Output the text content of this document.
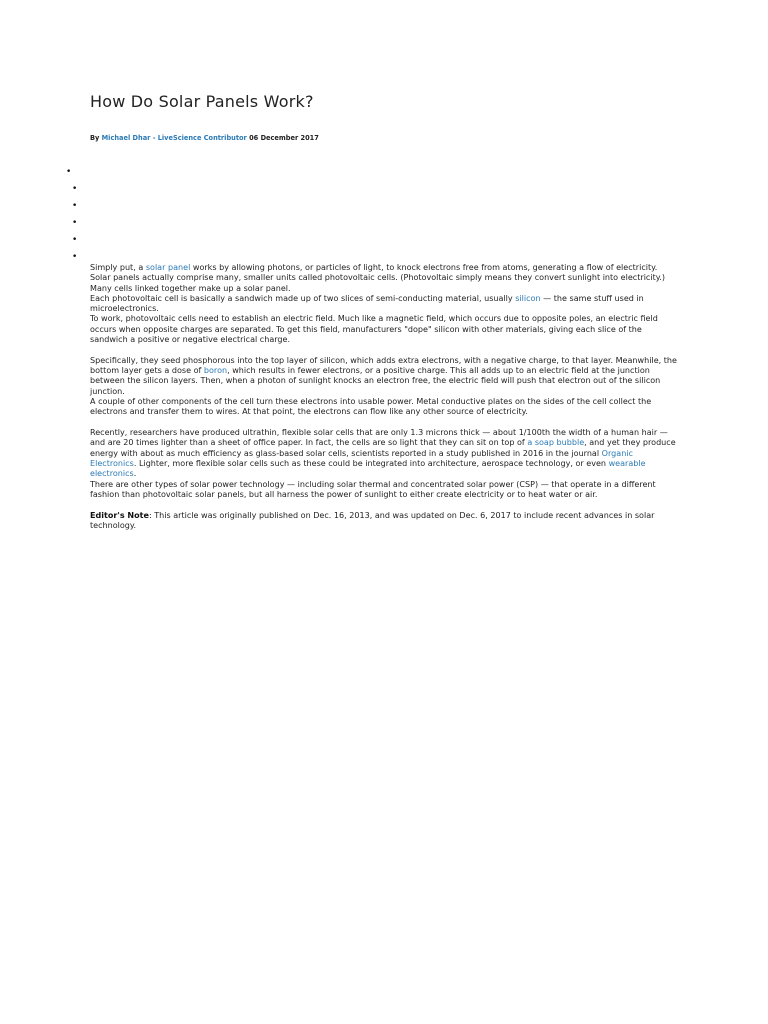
How Do Solar Panels Work?
By Michael Dhar - LiveScience Contributor 06 December 2017
•
•
•
•
•
•

Simply put, a solar panel works by allowing photons, or particles of light, to knock electrons free from atoms, generating a flow of electricity. Solar panels actually comprise many, smaller units called photovoltaic cells. (Photovoltaic simply means they convert sunlight into electricity.) Many cells linked together make up a solar panel.

Each photovoltaic cell is basically a sandwich made up of two slices of semi-conducting material, usually silicon — the same stuff used in microelectronics.

To work, photovoltaic cells need to establish an electric field. Much like a magnetic field, which occurs due to opposite poles, an electric field occurs when opposite charges are separated. To get this field, manufacturers "dope" silicon with other materials, giving each slice of the sandwich a positive or negative electrical charge.

Specifically, they seed phosphorous into the top layer of silicon, which adds extra electrons, with a negative charge, to that layer. Meanwhile, the bottom layer gets a dose of boron, which results in fewer electrons, or a positive charge. This all adds up to an electric field at the junction between the silicon layers. Then, when a photon of sunlight knocks an electron free, the electric field will push that electron out of the silicon junction.

A couple of other components of the cell turn these electrons into usable power. Metal conductive plates on the sides of the cell collect the electrons and transfer them to wires. At that point, the electrons can flow like any other source of electricity.

Recently, researchers have produced ultrathin, flexible solar cells that are only 1.3 microns thick — about 1/100th the width of a human hair — and are 20 times lighter than a sheet of office paper. In fact, the cells are so light that they can sit on top of a soap bubble, and yet they produce energy with about as much efficiency as glass-based solar cells, scientists reported in a study published in 2016 in the journal Organic Electronics. Lighter, more flexible solar cells such as these could be integrated into architecture, aerospace technology, or even wearable electronics.

There are other types of solar power technology — including solar thermal and concentrated solar power (CSP) — that operate in a different fashion than photovoltaic solar panels, but all harness the power of sunlight to either create electricity or to heat water or air.

Editor's Note: This article was originally published on Dec. 16, 2013, and was updated on Dec. 6, 2017 to include recent advances in solar technology.
